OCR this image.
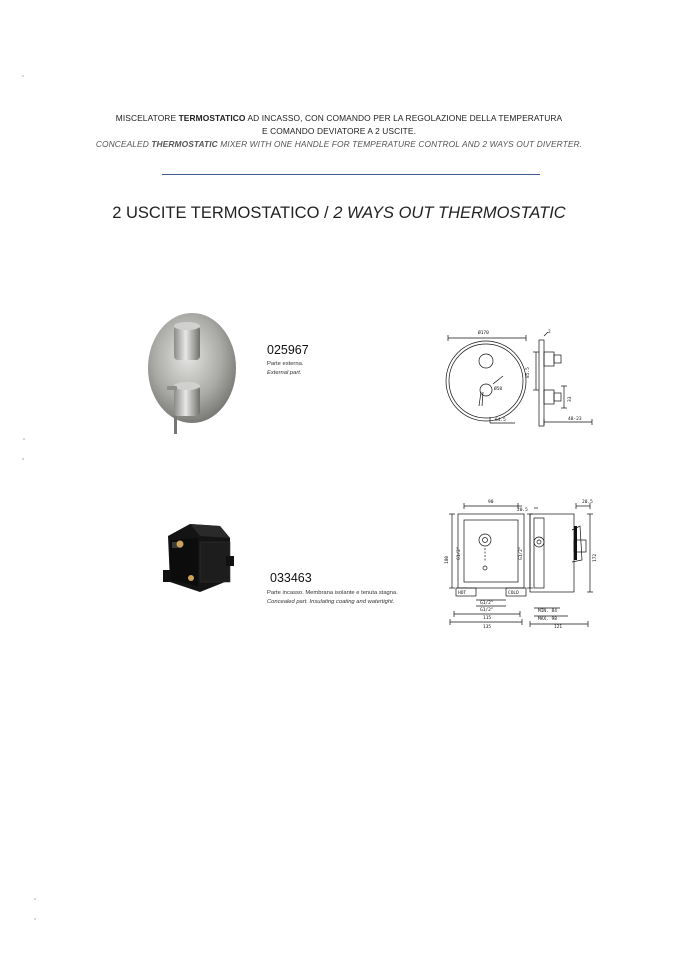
MISCELATORE TERMOSTATICO AD INCASSO, CON COMANDO PER LA REGOLAZIONE DELLA TEMPERATURA
E COMANDO DEVIATORE A 2 USCITE.
CONCEALED THERMOSTATIC MIXER WITH ONE HANDLE FOR TEMPERATURE CONTROL AND 2 WAYS OUT DIVERTER.
2 USCITE TERMOSTATICO / 2 WAYS OUT THERMOSTATIC
025967
Parte esterna.
External part.
Ø170	2
85.5
Ø58
64.5
33
48-23
033463
Parte incasso. Membrana isolante e tenuta stagna.
Concealed part. Insulating coating and watertight.
90
20.5
20.5
180	172
G1/2"	G1/2"
HOT	COLD
G1/2"
G1/2"
115
135
MIN. 84
MAX. 98
121
